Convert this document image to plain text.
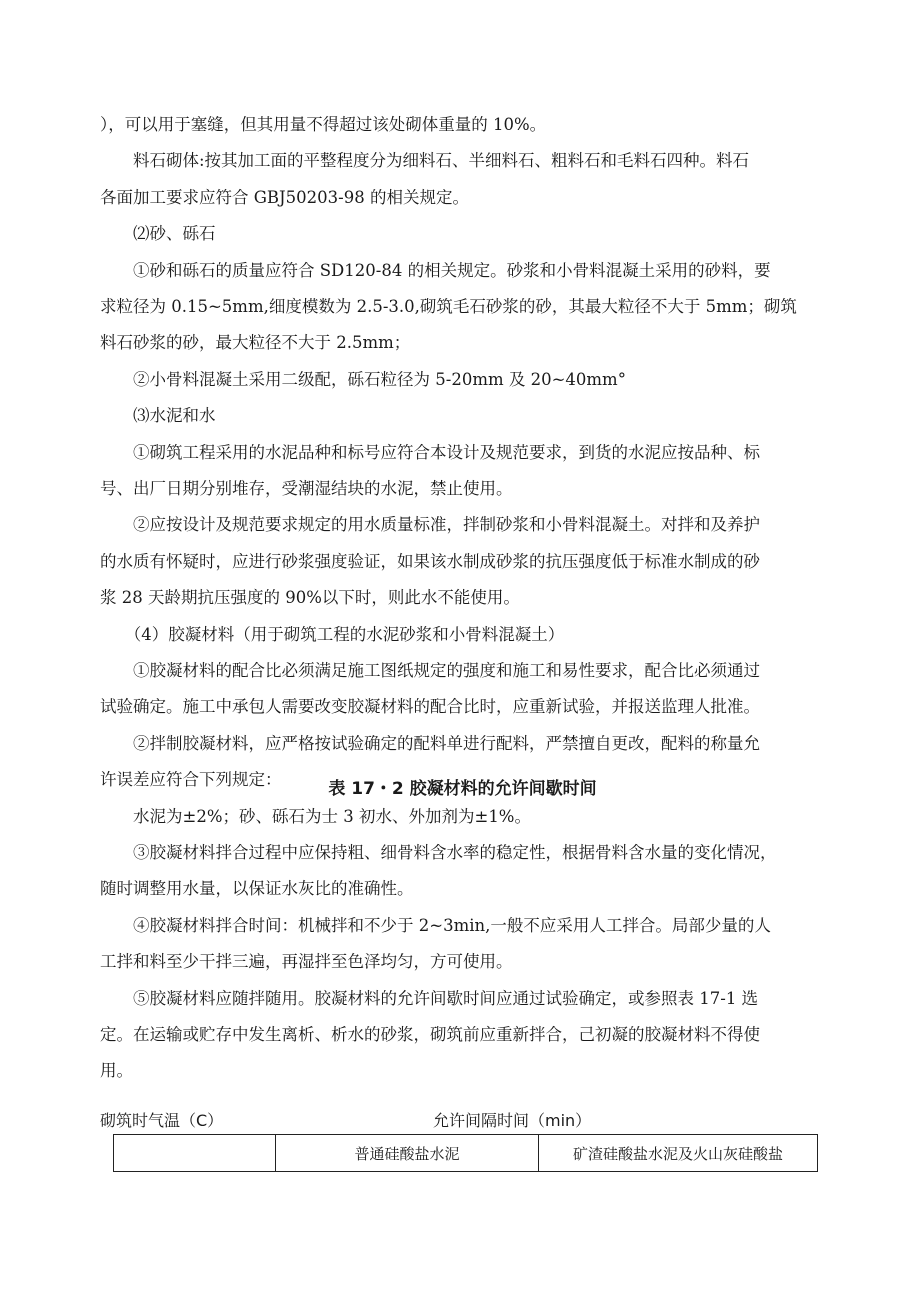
），可以用于塞缝，但其用量不得超过该处砌体重量的 10%。
　　料石砌体:按其加工面的平整程度分为细料石、半细料石、粗料石和毛料石四种。料石
各面加工要求应符合 GBJ50203-98 的相关规定。
　　⑵砂、砾石
　　①砂和砾石的质量应符合 SD120-84 的相关规定。砂浆和小骨料混凝土采用的砂料，要
求粒径为 0.15~5mm,细度模数为 2.5-3.0,砌筑毛石砂浆的砂，其最大粒径不大于 5mm；砌筑
料石砂浆的砂，最大粒径不大于 2.5mm；
　　②小骨料混凝土采用二级配，砾石粒径为 5-20mm 及 20~40mm°
　　⑶水泥和水
　　①砌筑工程采用的水泥品种和标号应符合本设计及规范要求，到货的水泥应按品种、标
号、出厂日期分别堆存，受潮湿结块的水泥，禁止使用。
　　②应按设计及规范要求规定的用水质量标准，拌制砂浆和小骨料混凝土。对拌和及养护
的水质有怀疑时，应进行砂浆强度验证，如果该水制成砂浆的抗压强度低于标准水制成的砂
浆 28 天龄期抗压强度的 90%以下时，则此水不能使用。
　　（4）胶凝材料（用于砌筑工程的水泥砂浆和小骨料混凝土）
　　①胶凝材料的配合比必须满足施工图纸规定的强度和施工和易性要求，配合比必须通过
试验确定。施工中承包人需要改变胶凝材料的配合比时，应重新试验，并报送监理人批准。
　　②拌制胶凝材料，应严格按试验确定的配料单进行配料，严禁擅自更改，配料的称量允
许误差应符合下列规定：
　　水泥为±2%；砂、砾石为士 3 初水、外加剂为±1%。
　　③胶凝材料拌合过程中应保持粗、细骨料含水率的稳定性，根据骨料含水量的变化情况，
随时调整用水量，以保证水灰比的准确性。
　　④胶凝材料拌合时间：机械拌和不少于 2~3min,一般不应采用人工拌合。局部少量的人
工拌和料至少干拌三遍，再湿拌至色泽均匀，方可使用。
　　⑤胶凝材料应随拌随用。胶凝材料的允许间歇时间应通过试验确定，或参照表 17-1 选
定。在运输或贮存中发生离析、析水的砂浆，砌筑前应重新拌合，己初凝的胶凝材料不得使
用。
表 17・2 胶凝材料的允许间歇时间
砌筑时气温（C）	允许间隔时间（min）
	普通硅酸盐水泥	矿渣硅酸盐水泥及火山灰硅酸盐
